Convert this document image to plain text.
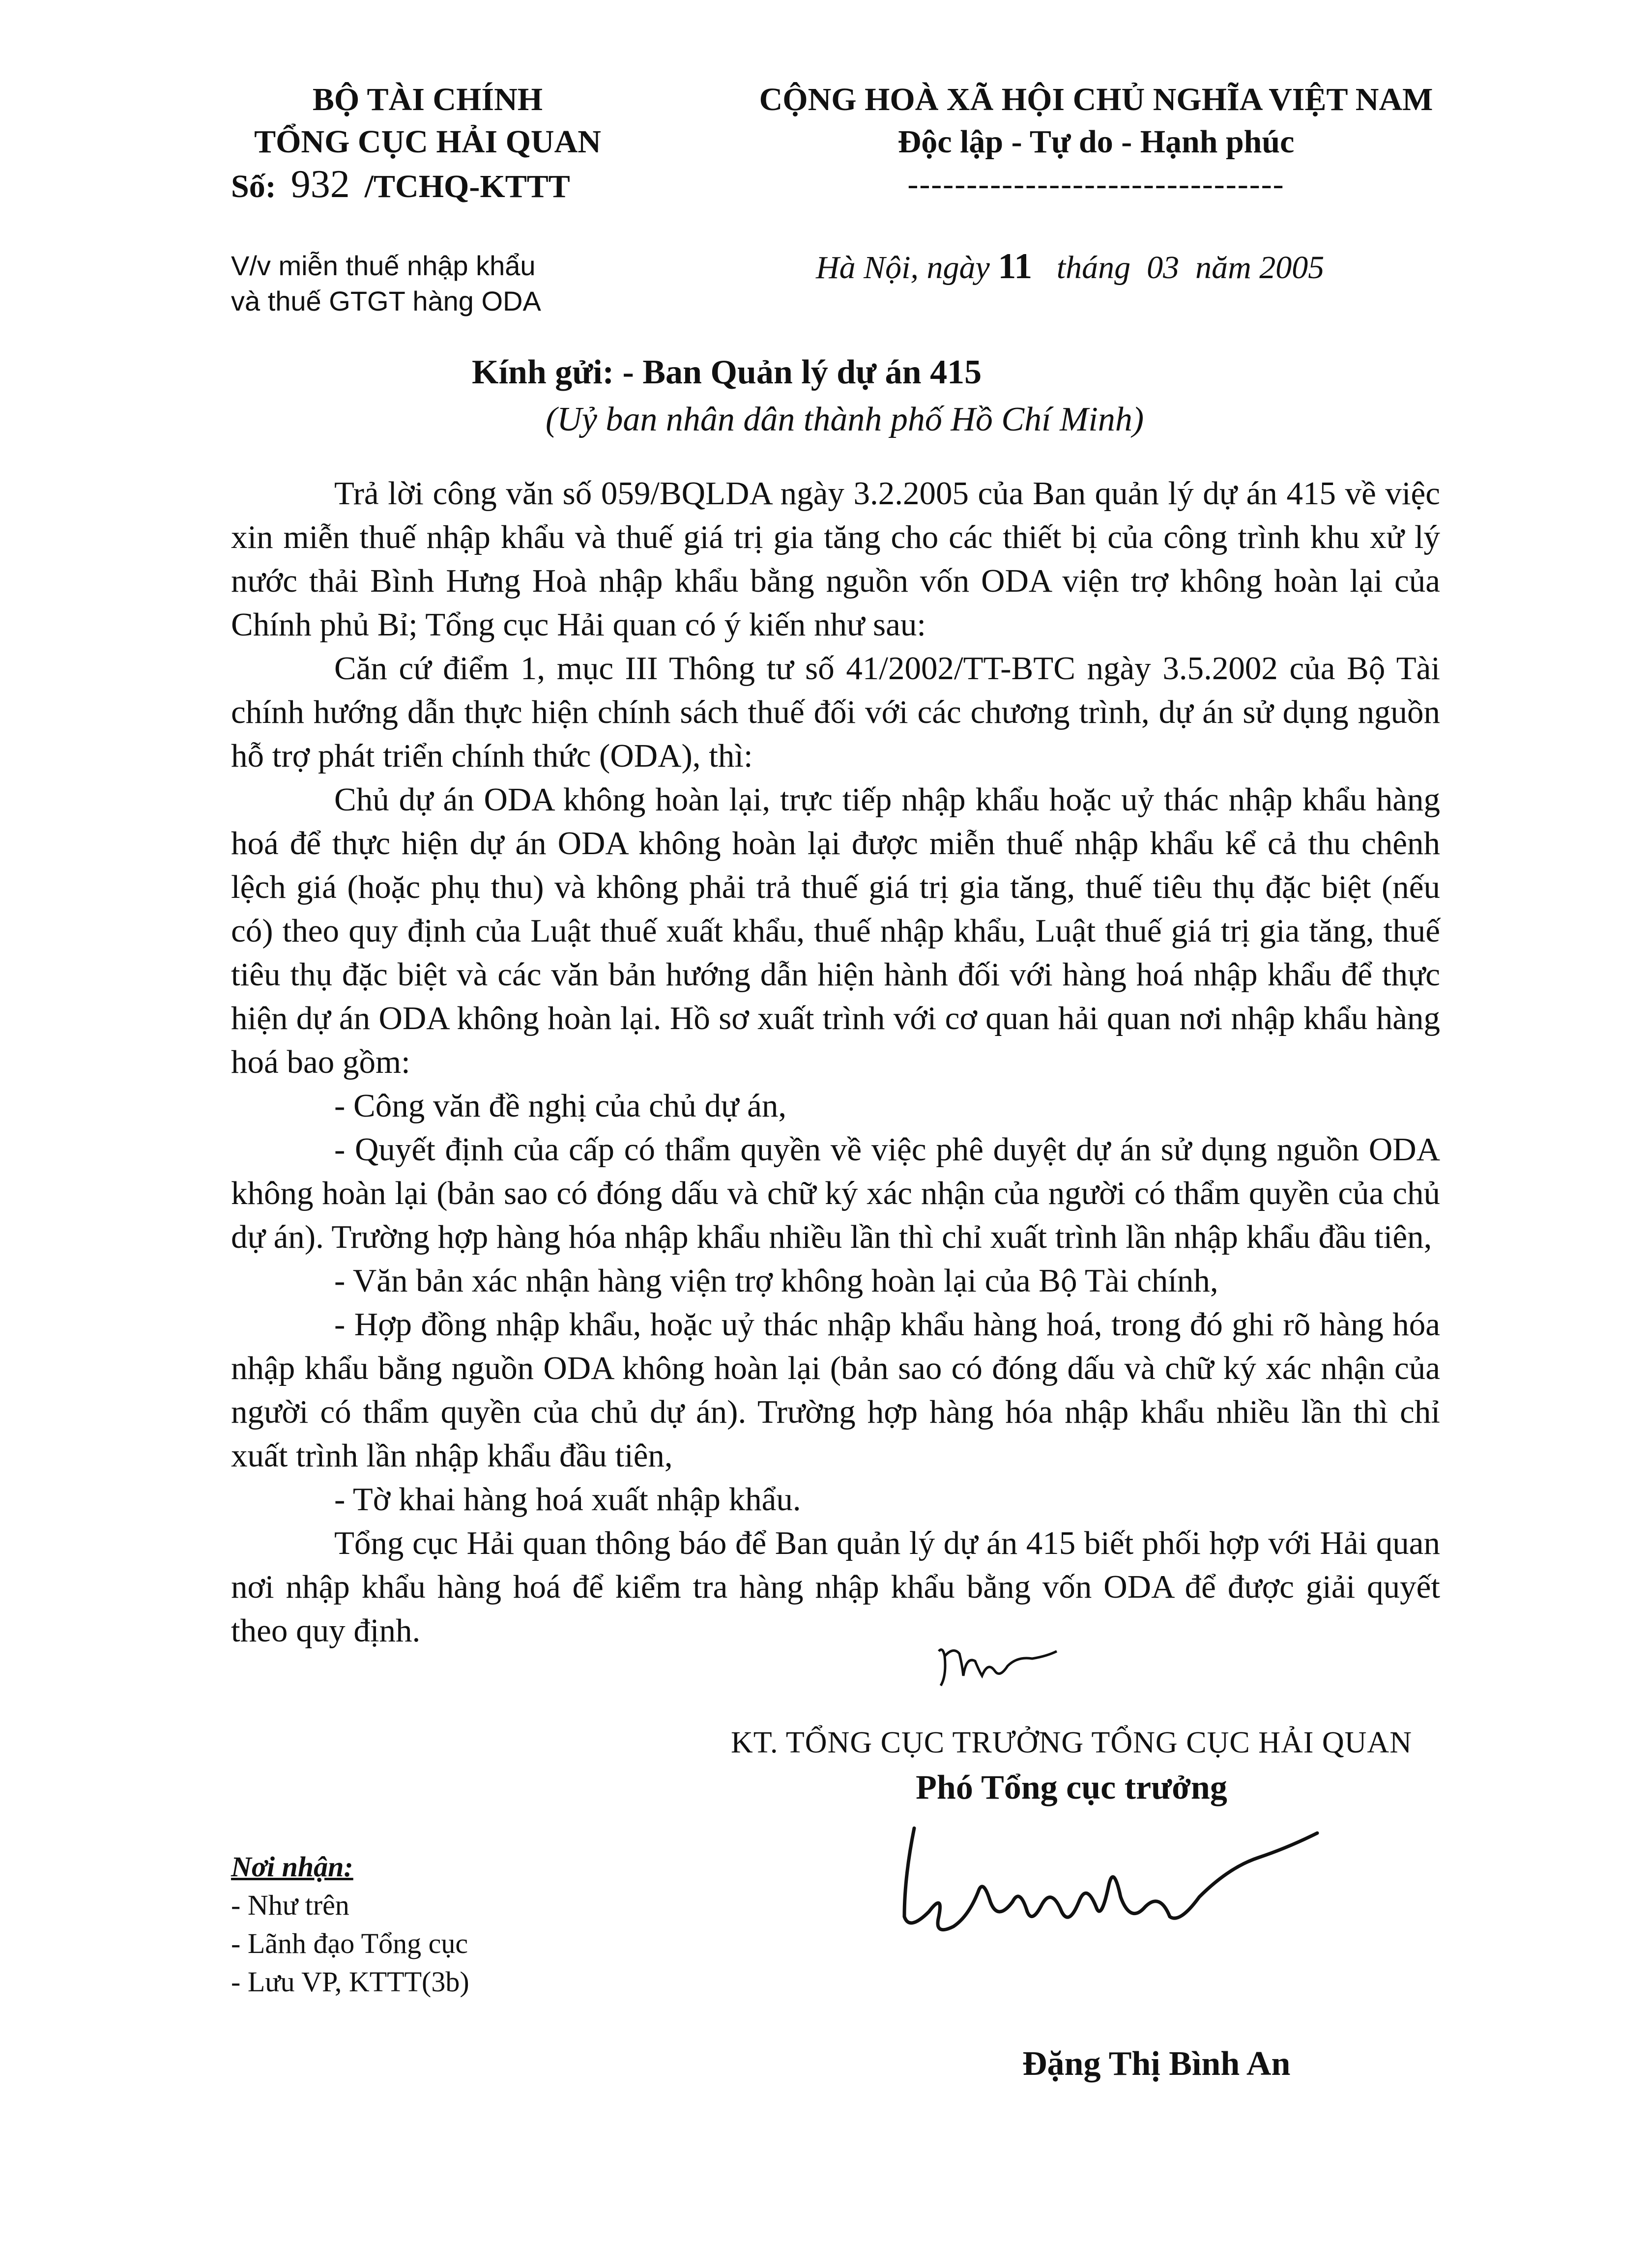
BỘ TÀI CHÍNH
TỔNG CỤC HẢI QUAN
Số: 932 /TCHQ-KTTT
CỘNG HOÀ XÃ HỘI CHỦ NGHĨA VIỆT NAM
Độc lập - Tự do - Hạnh phúc
--------------------------------
V/v miễn thuế nhập khẩu
và thuế GTGT hàng ODA
Hà Nội, ngày 11 tháng 03 năm 2005
Kính gửi: - Ban Quản lý dự án 415
(Uỷ ban nhân dân thành phố Hồ Chí Minh)

Trả lời công văn số 059/BQLDA ngày 3.2.2005 của Ban quản lý dự án 415 về việc xin miễn thuế nhập khẩu và thuế giá trị gia tăng cho các thiết bị của công trình khu xử lý nước thải Bình Hưng Hoà nhập khẩu bằng nguồn vốn ODA viện trợ không hoàn lại của Chính phủ Bỉ; Tổng cục Hải quan có ý kiến như sau:

Căn cứ điểm 1, mục III Thông tư số 41/2002/TT-BTC ngày 3.5.2002 của Bộ Tài chính hướng dẫn thực hiện chính sách thuế đối với các chương trình, dự án sử dụng nguồn hỗ trợ phát triển chính thức (ODA), thì:

Chủ dự án ODA không hoàn lại, trực tiếp nhập khẩu hoặc uỷ thác nhập khẩu hàng hoá để thực hiện dự án ODA không hoàn lại được miễn thuế nhập khẩu kể cả thu chênh lệch giá (hoặc phụ thu) và không phải trả thuế giá trị gia tăng, thuế tiêu thụ đặc biệt (nếu có) theo quy định của Luật thuế xuất khẩu, thuế nhập khẩu, Luật thuế giá trị gia tăng, thuế tiêu thụ đặc biệt và các văn bản hướng dẫn hiện hành đối với hàng hoá nhập khẩu để thực hiện dự án ODA không hoàn lại. Hồ sơ xuất trình với cơ quan hải quan nơi nhập khẩu hàng hoá bao gồm:

- Công văn đề nghị của chủ dự án,

- Quyết định của cấp có thẩm quyền về việc phê duyệt dự án sử dụng nguồn ODA không hoàn lại (bản sao có đóng dấu và chữ ký xác nhận của người có thẩm quyền của chủ dự án). Trường hợp hàng hóa nhập khẩu nhiều lần thì chỉ xuất trình lần nhập khẩu đầu tiên,

- Văn bản xác nhận hàng viện trợ không hoàn lại của Bộ Tài chính,

- Hợp đồng nhập khẩu, hoặc uỷ thác nhập khẩu hàng hoá, trong đó ghi rõ hàng hóa nhập khẩu bằng nguồn ODA không hoàn lại (bản sao có đóng dấu và chữ ký xác nhận của người có thẩm quyền của chủ dự án). Trường hợp hàng hóa nhập khẩu nhiều lần thì chỉ xuất trình lần nhập khẩu đầu tiên,

- Tờ khai hàng hoá xuất nhập khẩu.

Tổng cục Hải quan thông báo để Ban quản lý dự án 415 biết phối hợp với Hải quan nơi nhập khẩu hàng hoá để kiểm tra hàng nhập khẩu bằng vốn ODA để được giải quyết theo quy định.

KT. TỔNG CỤC TRƯỞNG TỔNG CỤC HẢI QUAN
Phó Tổng cục trưởng
Đặng Thị Bình An
Nơi nhận:
- Như trên
- Lãnh đạo Tổng cục
- Lưu VP, KTTT(3b)
